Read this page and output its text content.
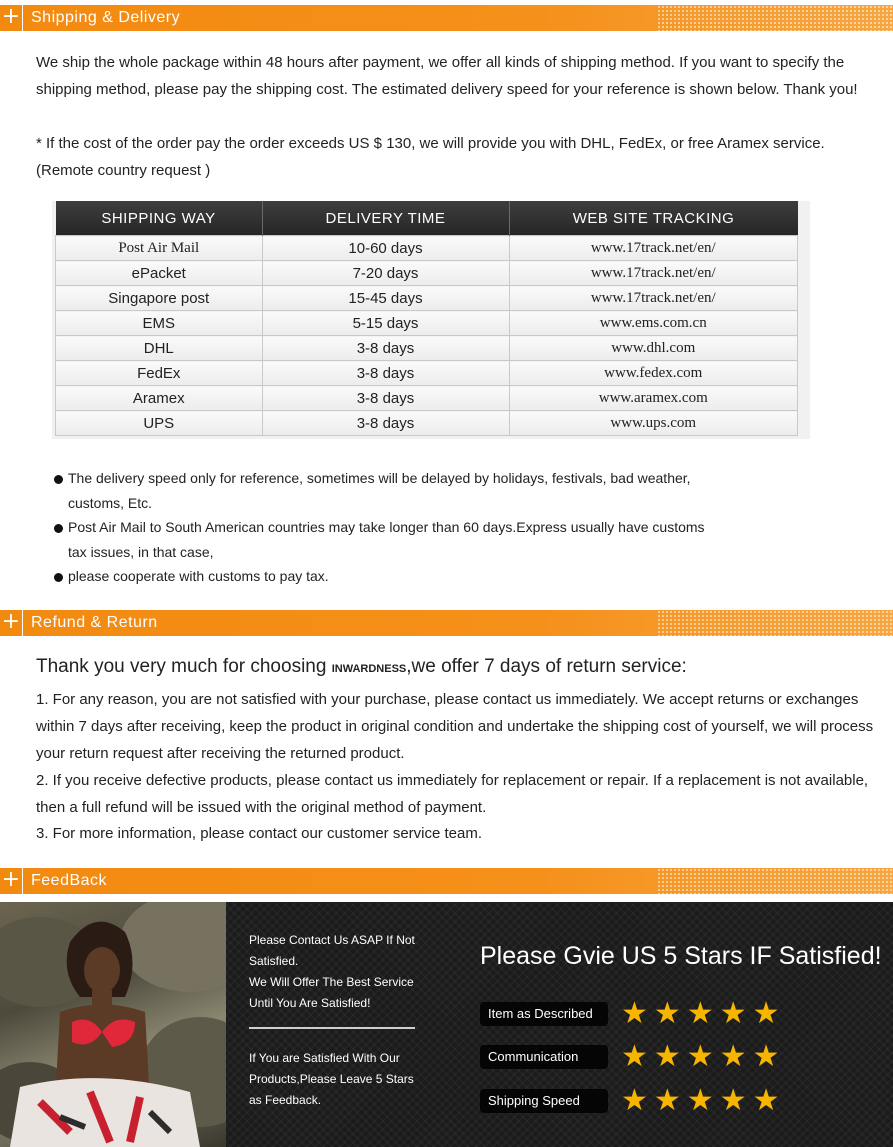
+ Shipping & Delivery
We ship the whole package within 48 hours after payment, we offer all kinds of shipping method. If you want to specify the shipping method, please pay the shipping cost. The estimated delivery speed for your reference is shown below. Thank you!
* If the cost of the order pay the order exceeds US $ 130, we will provide you with DHL, FedEx, or free Aramex service. (Remote country request )
SHIPPING WAY	DELIVERY TIME	WEB SITE TRACKING
Post Air Mail	10-60 days	www.17track.net/en/
ePacket	7-20 days	www.17track.net/en/
Singapore post	15-45 days	www.17track.net/en/
EMS	5-15 days	www.ems.com.cn
DHL	3-8 days	www.dhl.com
FedEx	3-8 days	www.fedex.com
Aramex	3-8 days	www.aramex.com
UPS	3-8 days	www.ups.com
The delivery speed only for reference, sometimes will be delayed by holidays, festivals, bad weather,
customs, Etc.
Post Air Mail to South American countries may take longer than 60 days.Express usually have customs
tax issues, in that case,
please cooperate with customs to pay tax.
+ Refund & Return
Thank you very much for choosing INWARDNESS,we offer 7 days of return service:
1. For any reason, you are not satisfied with your purchase, please contact us immediately. We accept returns or exchanges within 7 days after receiving, keep the product in original condition and undertake the shipping cost of yourself, we will process your return request after receiving the returned product.
2. If you receive defective products, please contact us immediately for replacement or repair. If a replacement is not available, then a full refund will be issued with the original method of payment.
3. For more information, please contact our customer service team.
+ FeedBack
Please Contact Us ASAP If Not
Satisfied.
We Will Offer The Best Service
Until You Are Satisfied!
If You are Satisfied With Our
Products,Please Leave 5 Stars
as Feedback.
Please Gvie US 5 Stars IF Satisfied!
Item as Described ★★★★★
Communication	★★★★★
Shipping Speed	★★★★★
